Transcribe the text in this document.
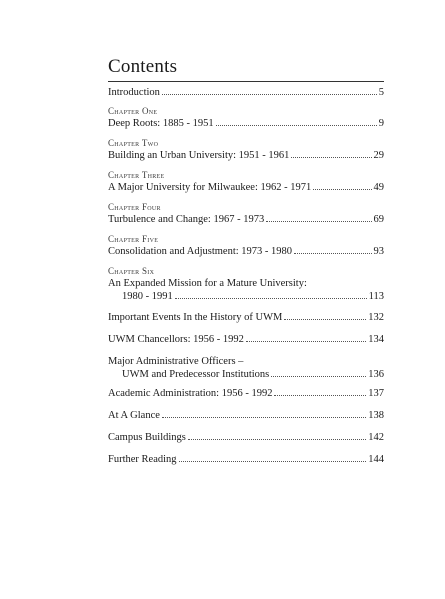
Contents
Introduction	5
Chapter One
Deep Roots: 1885 - 1951	9
Chapter Two
Building an Urban University: 1951 - 1961	29
Chapter Three
A Major University for Milwaukee: 1962 - 1971	49
Chapter Four
Turbulence and Change: 1967 - 1973	69
Chapter Five
Consolidation and Adjustment: 1973 - 1980	93
Chapter Six
An Expanded Mission for a Mature University:
1980 - 1991	113
Important Events In the History of UWM	132
UWM Chancellors: 1956 - 1992	134
Major Administrative Officers –
UWM and Predecessor Institutions	136
Academic Administration: 1956 - 1992	137
At A Glance	138
Campus Buildings	142
Further Reading	144
